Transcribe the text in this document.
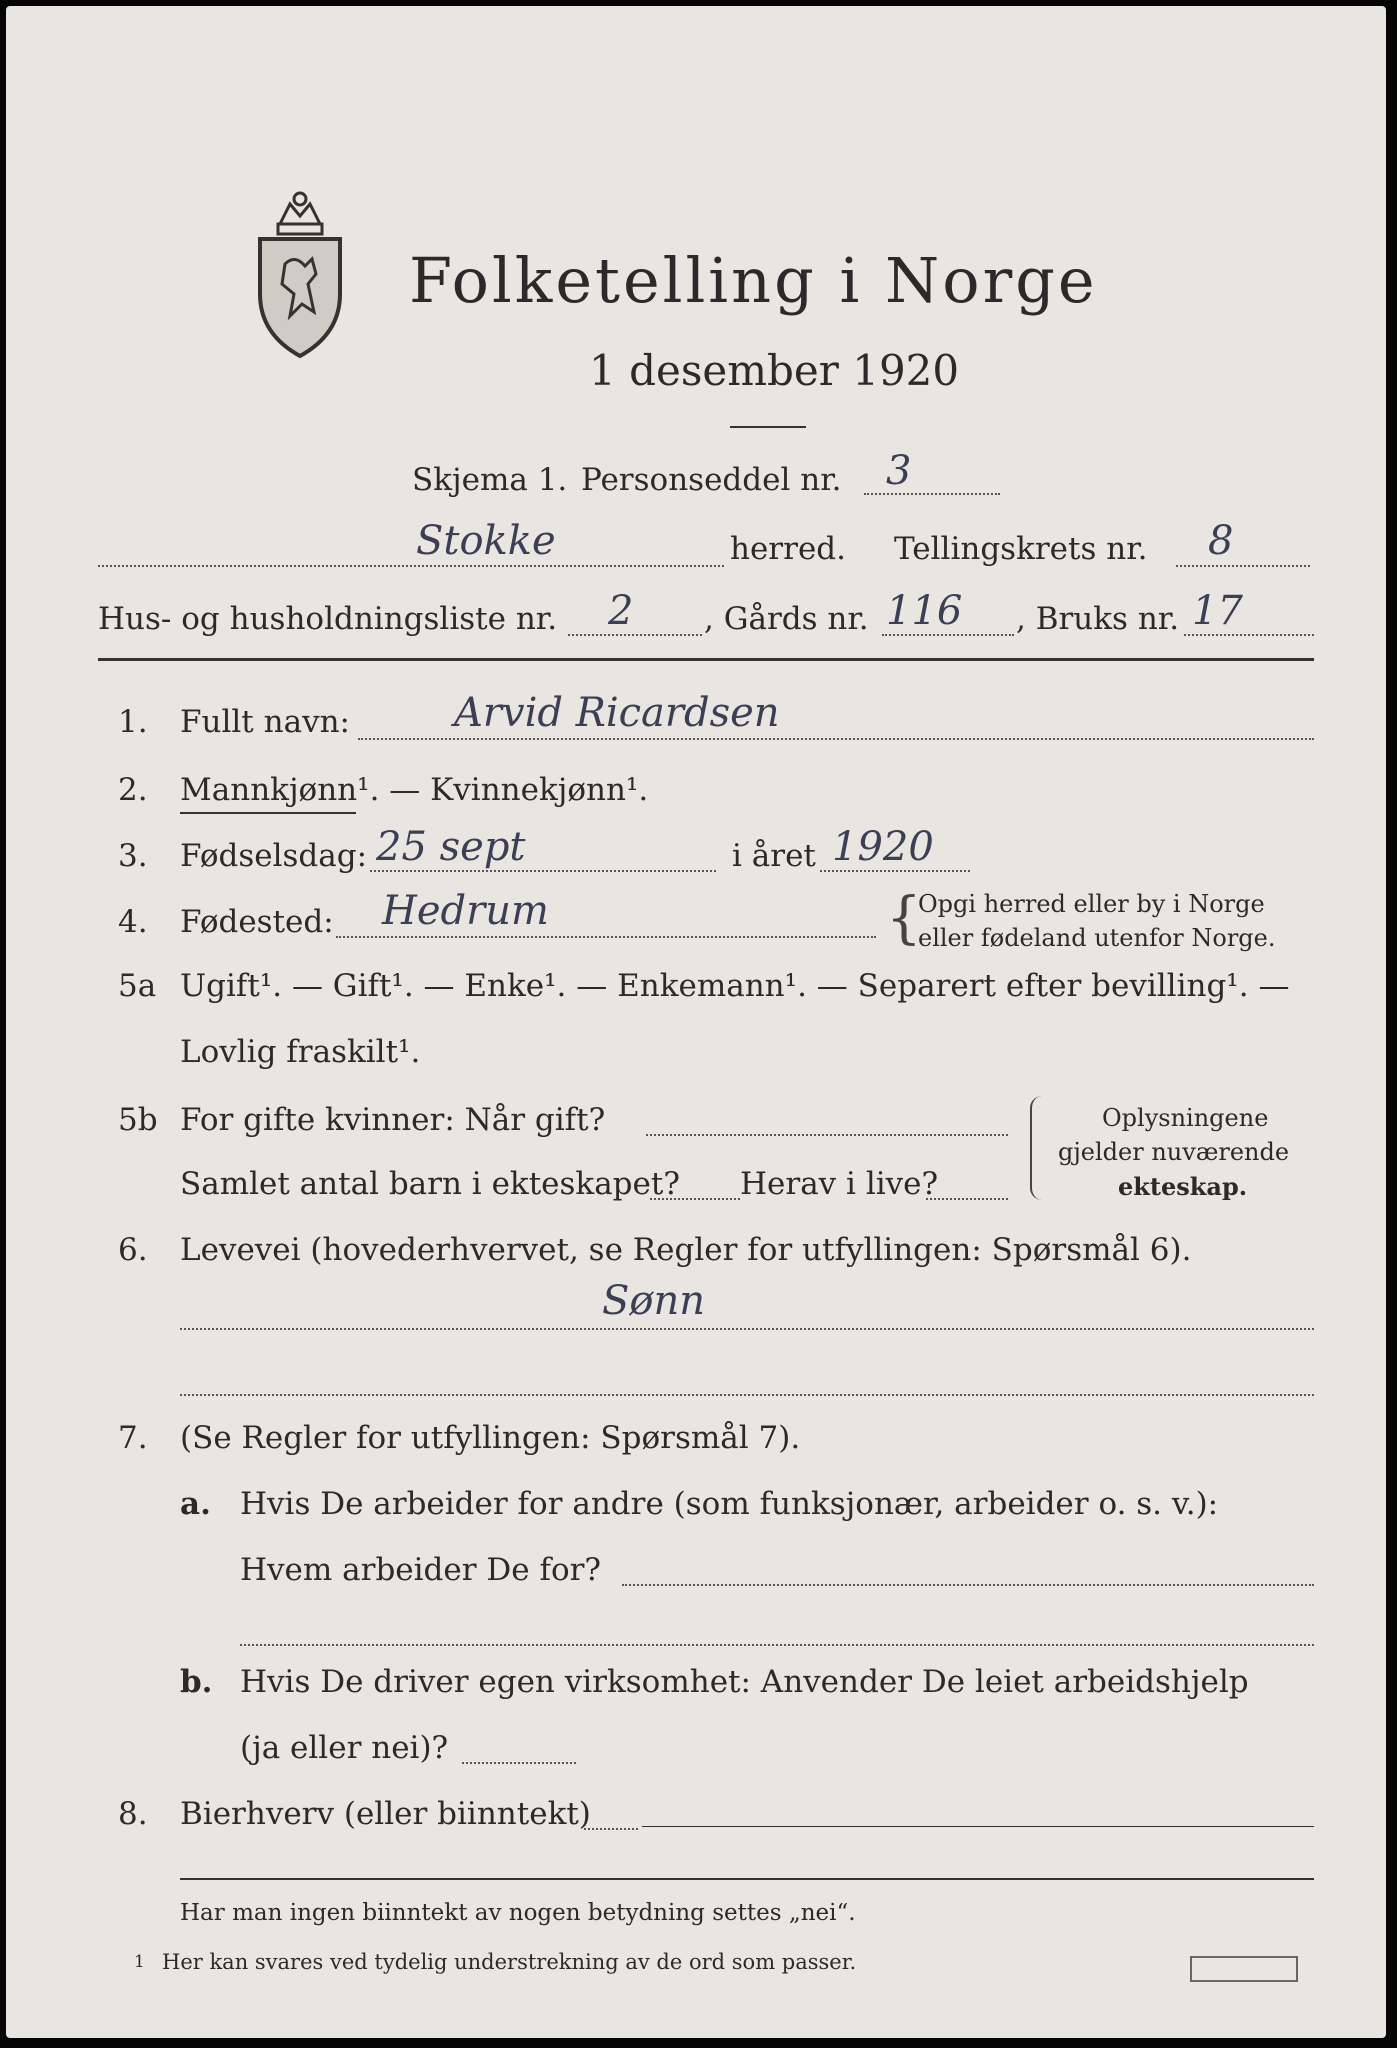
Folketelling i Norge
1 desember 1920
Skjema 1. Personseddel nr. 3
Stokke	herred. Tellingskrets nr. 8
Hus- og husholdningsliste nr. 2 , Gårds nr. 116 , Bruks nr. 17
1. Fullt navn:	Arvid Ricardsen
2. Mannkjønn¹. — Kvinnekjønn¹.
3. Fødselsdag: 25 sept	i året 1920
4. Fødested: Hedrum	{
Opgi herred eller by i Norge
eller fødeland utenfor Norge.
5a Ugift¹. — Gift¹. — Enke¹. — Enkemann¹. — Separert efter bevilling¹. —
Lovlig fraskilt¹.
5b For gifte kvinner: Når gift?
Samlet antal barn i ekteskapet? Herav i live?
Oplysningene
gjelder nuværende
ekteskap.
6. Levevei (hovederhvervet, se Regler for utfyllingen: Spørsmål 6).
Sønn
7. (Se Regler for utfyllingen: Spørsmål 7).
a. Hvis De arbeider for andre (som funksjonær, arbeider o. s. v.):
Hvem arbeider De for?
b. Hvis De driver egen virksomhet: Anvender De leiet arbeidshjelp
(ja eller nei)?
8. Bierhverv (eller biinntekt)
Har man ingen biinntekt av nogen betydning settes „nei“.
1 Her kan svares ved tydelig understrekning av de ord som passer.
